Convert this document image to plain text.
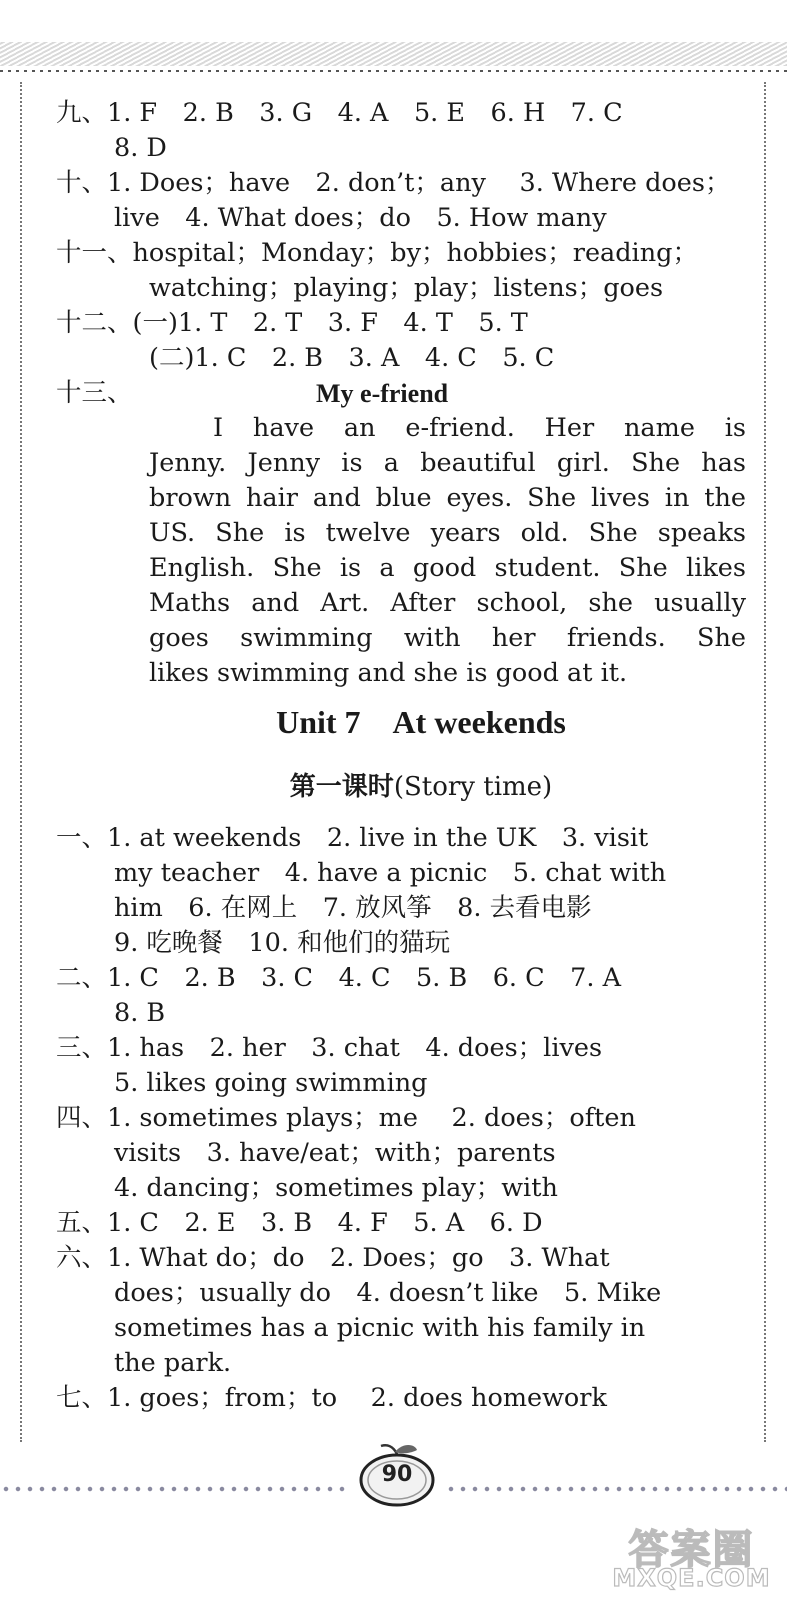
九、1. F　2. B　3. G　4. A　5. E　6. H　7. C
8. D
十、1. Does；have　2. don’t；any　 3. Where does；
live　4. What does；do　5. How many
十一、hospital；Monday；by；hobbies；reading；
watching；playing；play；listens；goes
十二、(一)1. T　2. T　3. F　4. T　5. T
(二)1. C　2. B　3. A　4. C　5. C
十三、	My e-friend
I have an e-friend. Her name is
Jenny. Jenny is a beautiful girl. She has
brown hair and blue eyes. She lives in the
US. She is twelve years old. She speaks
English. She is a good student. She likes
Maths and Art. After school, she usually
goes swimming with her friends. She
likes swimming and she is good at it.
Unit 7　At weekends
第一课时(Story time)
一、1. at weekends　2. live in the UK　3. visit
my teacher　4. have a picnic　5. chat with
him　6. 在网上　7. 放风筝　8. 去看电影
9. 吃晚餐　10. 和他们的猫玩
二、1. C　2. B　3. C　4. C　5. B　6. C　7. A
8. B
三、1. has　2. her　3. chat　4. does；lives
5. likes going swimming
四、1. sometimes plays；me　 2. does；often
visits　3. have/eat；with；parents
4. dancing；sometimes play；with
五、1. C　2. E　3. B　4. F　5. A　6. D
六、1. What do；do　2. Does；go　3. What
does；usually do　4. doesn’t like　5. Mike
sometimes has a picnic with his family in
the park.
七、1. goes；from；to　 2. does homework
90
答案圈
MXQE.COM
